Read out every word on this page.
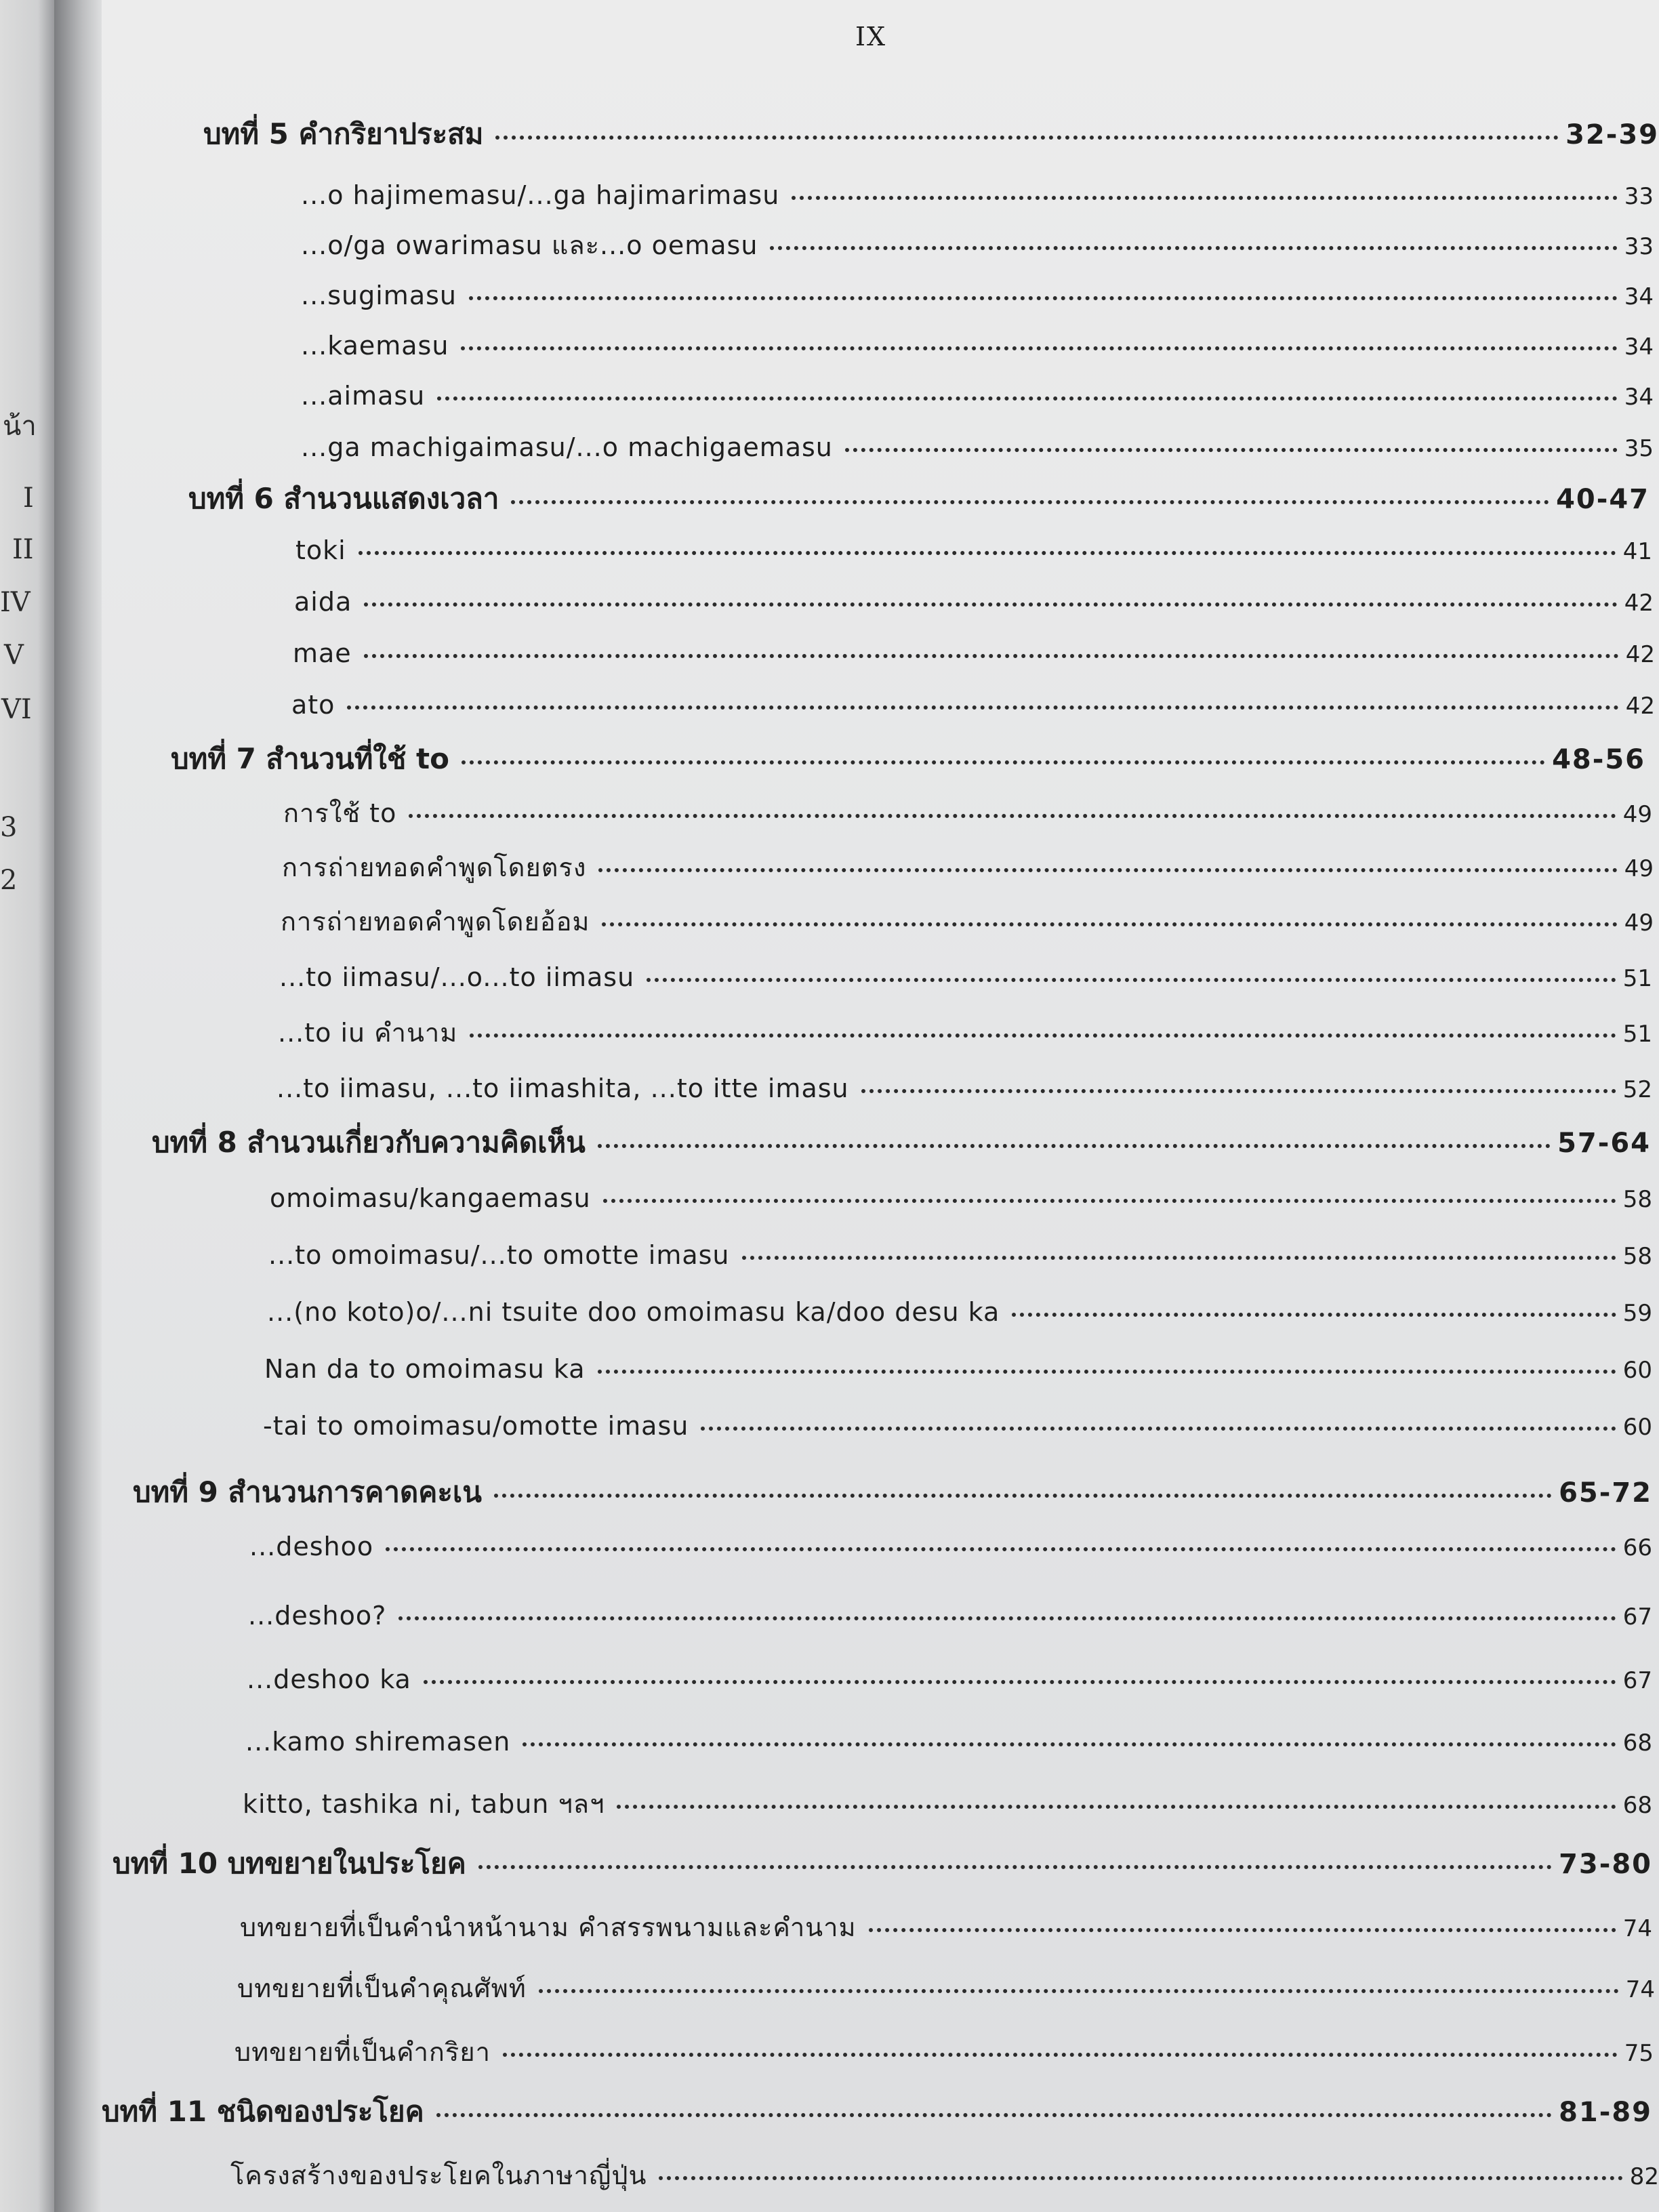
น้า
I
II
IV
V
VI
3
2
IX
บทที่ 5 คำกริยาประสม	32-39
...o hajimemasu/...ga hajimarimasu	33
...o/ga owarimasu และ...o oemasu	33
...sugimasu	34
...kaemasu	34
...aimasu	34
...ga machigaimasu/...o machigaemasu	35
บทที่ 6 สำนวนแสดงเวลา	40-47
toki	41
aida	42
mae	42
ato	42
บทที่ 7 สำนวนที่ใช้ to	48-56
การใช้ to	49
การถ่ายทอดคำพูดโดยตรง	49
การถ่ายทอดคำพูดโดยอ้อม	49
...to iimasu/...o...to iimasu	51
...to iu คำนาม	51
...to iimasu, ...to iimashita, ...to itte imasu	52
บทที่ 8 สำนวนเกี่ยวกับความคิดเห็น	57-64
omoimasu/kangaemasu	58
...to omoimasu/...to omotte imasu	58
...(no koto)o/...ni tsuite doo omoimasu ka/doo desu ka	59
Nan da to omoimasu ka	60
-tai to omoimasu/omotte imasu	60
บทที่ 9 สำนวนการคาดคะเน	65-72
...deshoo	66
...deshoo?	67
...deshoo ka	67
...kamo shiremasen	68
kitto, tashika ni, tabun ฯลฯ	68
บทที่ 10 บทขยายในประโยค	73-80
บทขยายที่เป็นคำนำหน้านาม คำสรรพนามและคำนาม	74
บทขยายที่เป็นคำคุณศัพท์	74
บทขยายที่เป็นคำกริยา	75
บทที่ 11 ชนิดของประโยค	81-89
โครงสร้างของประโยคในภาษาญี่ปุ่น	82
